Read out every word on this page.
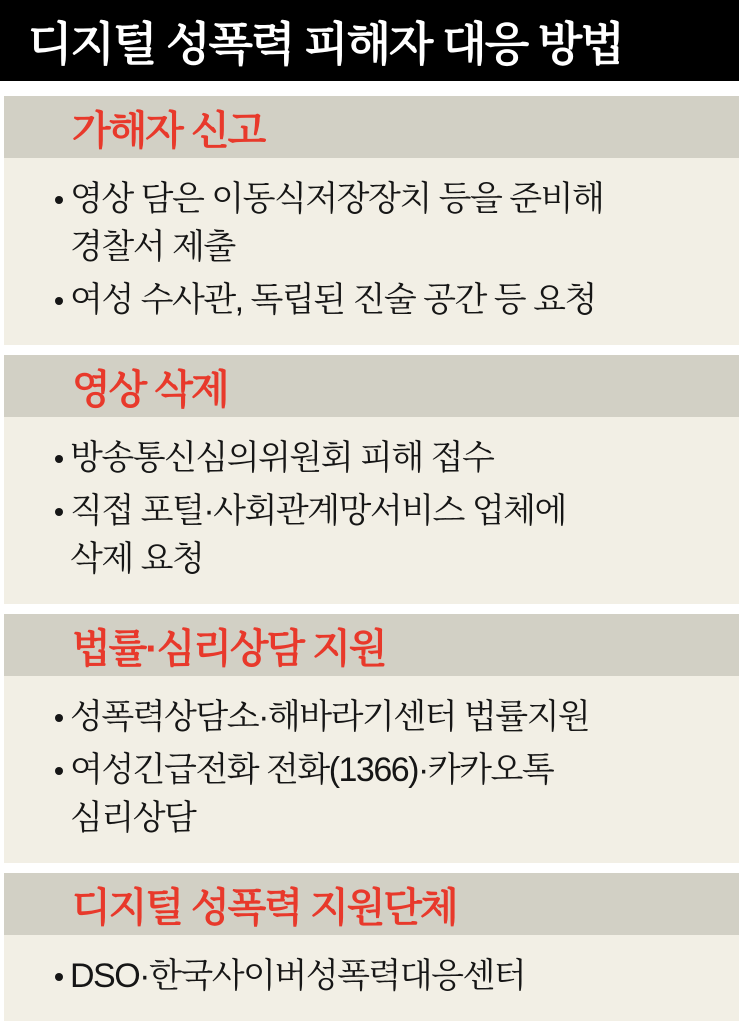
디지털 성폭력 피해자 대응 방법
가해자 신고
영상 담은 이동식저장장치 등을 준비해
경찰서 제출
여성 수사관, 독립된 진술 공간 등 요청
영상 삭제
방송통신심의위원회 피해 접수
직접 포털·사회관계망서비스 업체에
삭제 요청
법률·심리상담 지원
성폭력상담소·해바라기센터 법률지원
여성긴급전화 전화(1366)·카카오톡
심리상담
디지털 성폭력 지원단체
DSO·한국사이버성폭력대응센터
